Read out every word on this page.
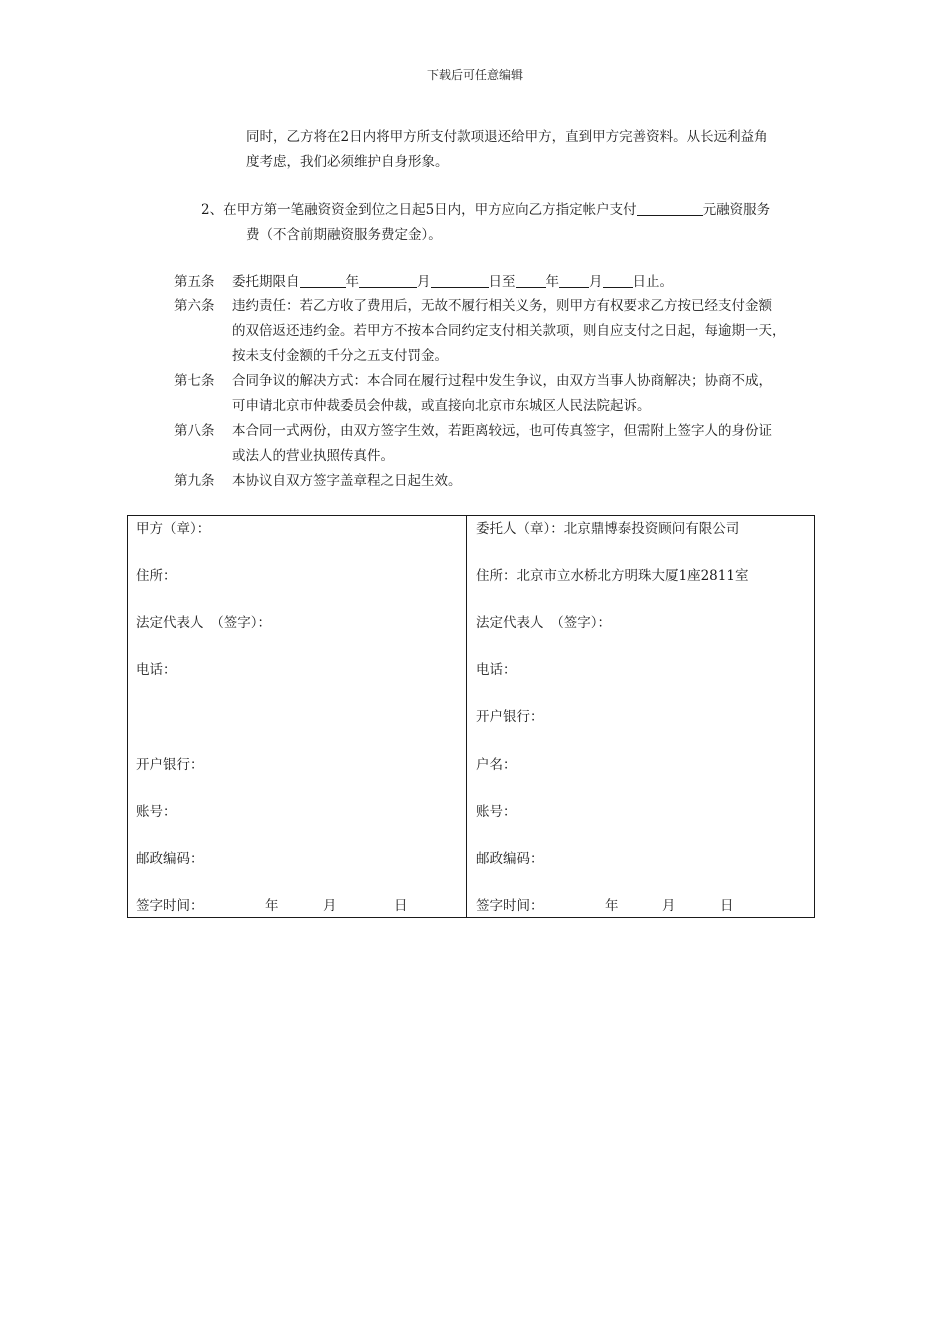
下载后可任意编辑
同时，乙方将在2日内将甲方所支付款项退还给甲方，直到甲方完善资料。从长远利益角
度考虑，我们必须维护自身形象。
2、在甲方第一笔融资资金到位之日起5日内，甲方应向乙方指定帐户支付	元融资服务
费（不含前期融资服务费定金）。
第五条 委托期限自	年	月	日至 年 月 日止。
第六条 违约责任：若乙方收了费用后，无故不履行相关义务，则甲方有权要求乙方按已经支付金额
的双倍返还违约金。若甲方不按本合同约定支付相关款项，则自应支付之日起，每逾期一天，
按未支付金额的千分之五支付罚金。
第七条 合同争议的解决方式：本合同在履行过程中发生争议，由双方当事人协商解决；协商不成，
可申请北京市仲裁委员会仲裁，或直接向北京市东城区人民法院起诉。
第八条 本合同一式两份，由双方签字生效，若距离较远，也可传真签字，但需附上签字人的身份证
或法人的营业执照传真件。
第九条 本协议自双方签字盖章程之日起生效。
甲方（章）：
住所：
法定代表人　（签字）：
电话：
开户银行：
账号：
邮政编码：
签字时间：	年	月	日
委托人（章）：北京鼎博泰投资顾问有限公司
住所：北京市立水桥北方明珠大厦1座2811室
法定代表人　（签字）：
电话：
开户银行：
户名：
账号：
邮政编码：
签字时间：	年	月	日
